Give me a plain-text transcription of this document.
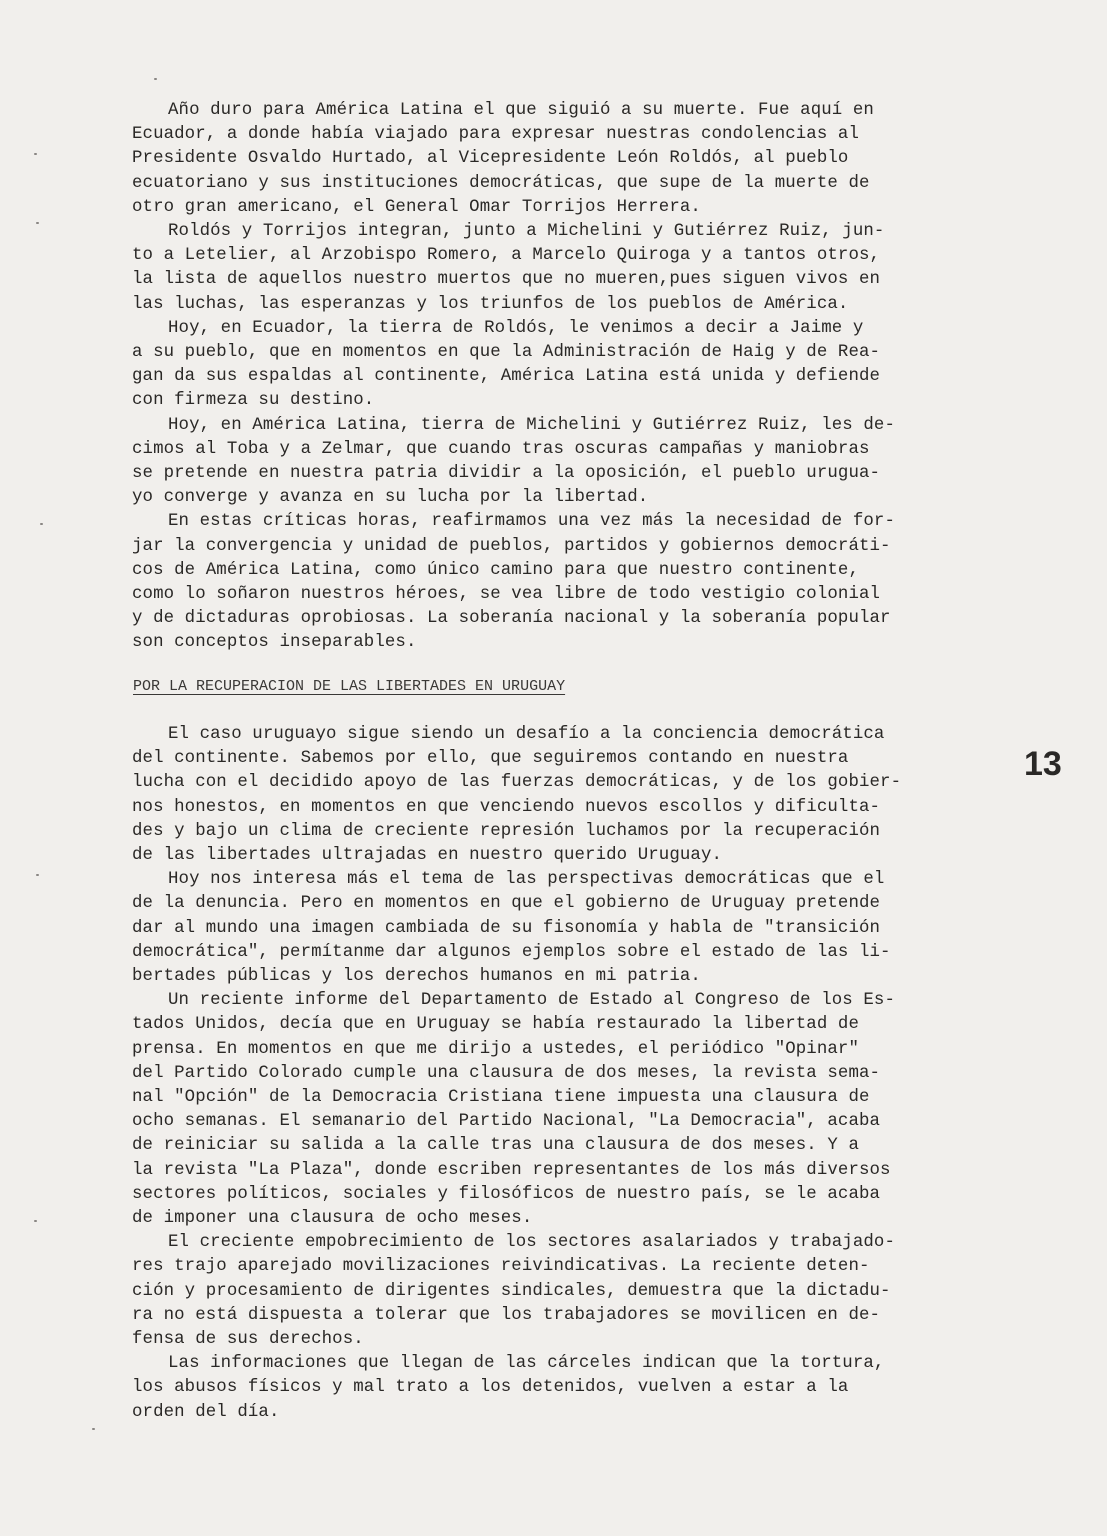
Año duro para América Latina el que siguió a su muerte. Fue aquí en
Ecuador, a donde había viajado para expresar nuestras condolencias al
Presidente Osvaldo Hurtado, al Vicepresidente León Roldós, al pueblo
ecuatoriano y sus instituciones democráticas, que supe de la muerte de
otro gran americano, el General Omar Torrijos Herrera.
Roldós y Torrijos integran, junto a Michelini y Gutiérrez Ruiz, jun-
to a Letelier, al Arzobispo Romero, a Marcelo Quiroga y a tantos otros,
la lista de aquellos nuestro muertos que no mueren,pues siguen vivos en
las luchas, las esperanzas y los triunfos de los pueblos de América.
Hoy, en Ecuador, la tierra de Roldós, le venimos a decir a Jaime y
a su pueblo, que en momentos en que la Administración de Haig y de Rea-
gan da sus espaldas al continente, América Latina está unida y defiende
con firmeza su destino.
Hoy, en América Latina, tierra de Michelini y Gutiérrez Ruiz, les de-
cimos al Toba y a Zelmar, que cuando tras oscuras campañas y maniobras
se pretende en nuestra patria dividir a la oposición, el pueblo urugua-
yo converge y avanza en su lucha por la libertad.
En estas críticas horas, reafirmamos una vez más la necesidad de for-
jar la convergencia y unidad de pueblos, partidos y gobiernos democráti-
cos de América Latina, como único camino para que nuestro continente,
como lo soñaron nuestros héroes, se vea libre de todo vestigio colonial
y de dictaduras oprobiosas. La soberanía nacional y la soberanía popular
son conceptos inseparables.
POR LA RECUPERACION DE LAS LIBERTADES EN URUGUAY
El caso uruguayo sigue siendo un desafío a la conciencia democrática
del continente. Sabemos por ello, que seguiremos contando en nuestra
lucha con el decidido apoyo de las fuerzas democráticas, y de los gobier-
nos honestos, en momentos en que venciendo nuevos escollos y dificulta-
des y bajo un clima de creciente represión luchamos por la recuperación
de las libertades ultrajadas en nuestro querido Uruguay.
Hoy nos interesa más el tema de las perspectivas democráticas que el
de la denuncia. Pero en momentos en que el gobierno de Uruguay pretende
dar al mundo una imagen cambiada de su fisonomía y habla de "transición
democrática", permítanme dar algunos ejemplos sobre el estado de las li-
bertades públicas y los derechos humanos en mi patria.
Un reciente informe del Departamento de Estado al Congreso de los Es-
tados Unidos, decía que en Uruguay se había restaurado la libertad de
prensa. En momentos en que me dirijo a ustedes, el periódico "Opinar"
del Partido Colorado cumple una clausura de dos meses, la revista sema-
nal "Opción" de la Democracia Cristiana tiene impuesta una clausura de
ocho semanas. El semanario del Partido Nacional, "La Democracia", acaba
de reiniciar su salida a la calle tras una clausura de dos meses. Y a
la revista "La Plaza", donde escriben representantes de los más diversos
sectores políticos, sociales y filosóficos de nuestro país, se le acaba
de imponer una clausura de ocho meses.
El creciente empobrecimiento de los sectores asalariados y trabajado-
res trajo aparejado movilizaciones reivindicativas. La reciente deten-
ción y procesamiento de dirigentes sindicales, demuestra que la dictadu-
ra no está dispuesta a tolerar que los trabajadores se movilicen en de-
fensa de sus derechos.
Las informaciones que llegan de las cárceles indican que la tortura,
los abusos físicos y mal trato a los detenidos, vuelven a estar a la
orden del día.
13
